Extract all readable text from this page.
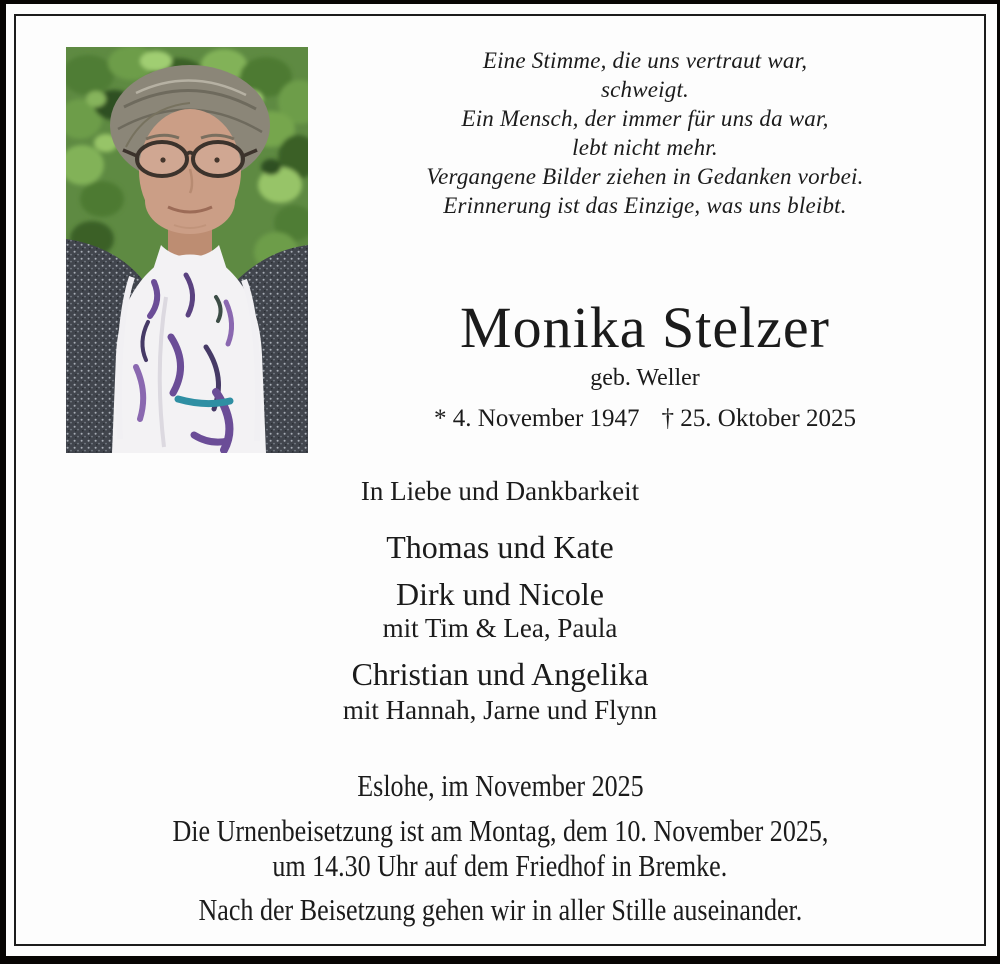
Eine Stimme, die uns vertraut war,
schweigt.
Ein Mensch, der immer für uns da war,
lebt nicht mehr.
Vergangene Bilder ziehen in Gedanken vorbei.
Erinnerung ist das Einzige, was uns bleibt.
Monika Stelzer
geb. Weller
* 4. November 1947 † 25. Oktober 2025
In Liebe und Dankbarkeit
Thomas und Kate
Dirk und Nicole
mit Tim & Lea, Paula
Christian und Angelika
mit Hannah, Jarne und Flynn
Eslohe, im November 2025
Die Urnenbeisetzung ist am Montag, dem 10. November 2025,
um 14.30 Uhr auf dem Friedhof in Bremke.
Nach der Beisetzung gehen wir in aller Stille auseinander.
